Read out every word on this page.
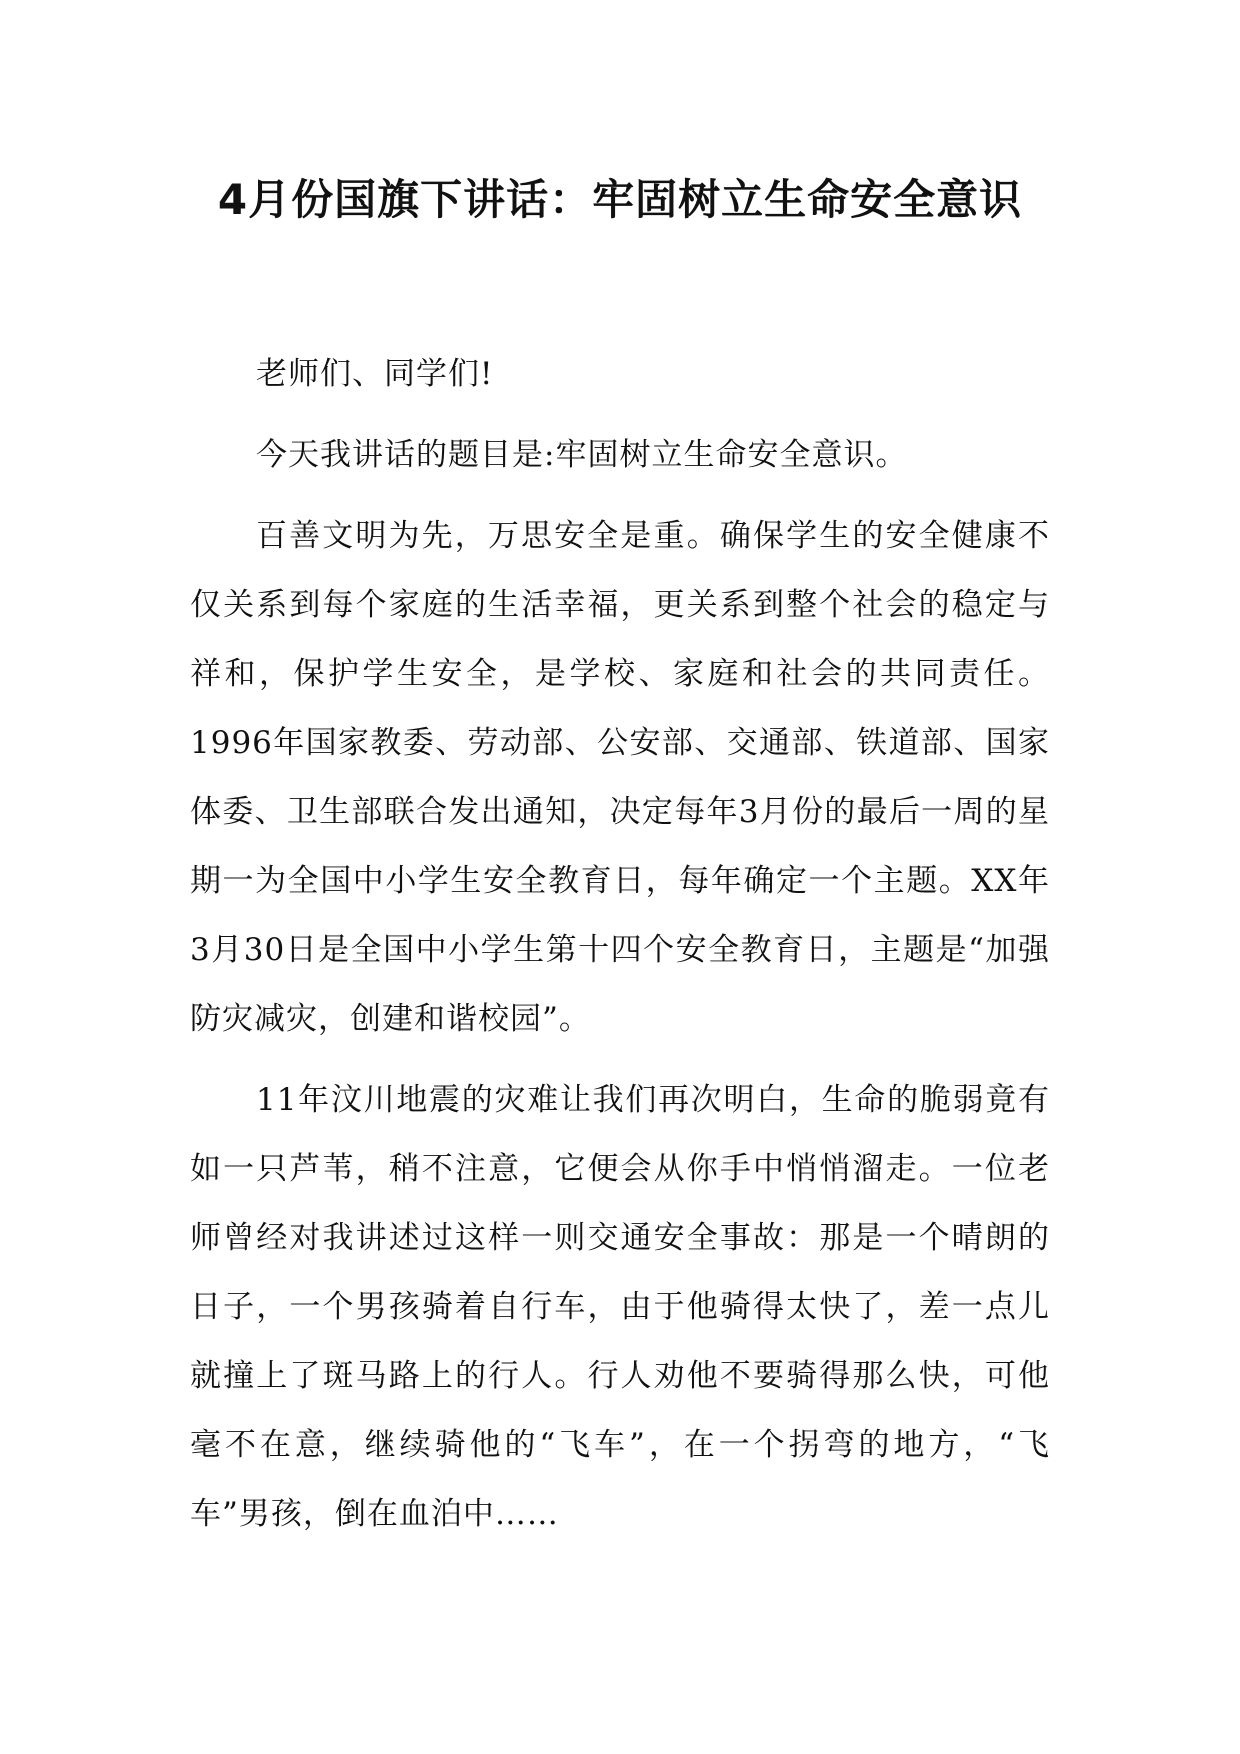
4月份国旗下讲话：牢固树立生命安全意识

老师们、同学们!

今天我讲话的题目是:牢固树立生命安全意识。

百善文明为先，万思安全是重。确保学生的安全健康不仅关系到每个家庭的生活幸福，更关系到整个社会的稳定与祥和，保护学生安全，是学校、家庭和社会的共同责任。1996年国家教委、劳动部、公安部、交通部、铁道部、国家体委、卫生部联合发出通知，决定每年3月份的最后一周的星期一为全国中小学生安全教育日，每年确定一个主题。XX年3月30日是全国中小学生第十四个安全教育日，主题是“加强防灾减灾，创建和谐校园”。

11年汶川地震的灾难让我们再次明白，生命的脆弱竟有如一只芦苇，稍不注意，它便会从你手中悄悄溜走。一位老师曾经对我讲述过这样一则交通安全事故：那是一个晴朗的日子，一个男孩骑着自行车，由于他骑得太快了，差一点儿就撞上了斑马路上的行人。行人劝他不要骑得那么快，可他毫不在意，继续骑他的“飞车”，在一个拐弯的地方，“飞车”男孩，倒在血泊中……
